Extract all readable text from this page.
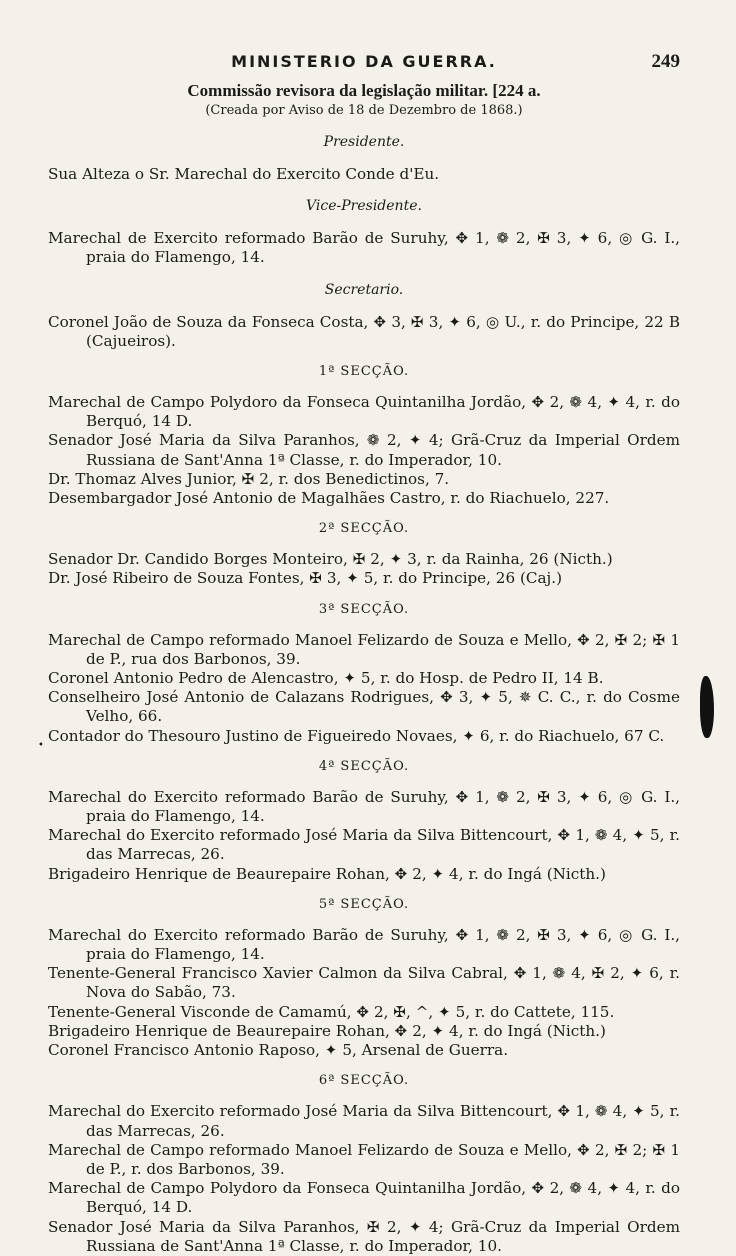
MINISTERIO DA GUERRA.	249
Commissão revisora da legislação militar. [224 a.
(Creada por Aviso de 18 de Dezembro de 1868.)

Presidente.

Sua Alteza o Sr. Marechal do Exercito Conde d'Eu.

Vice-Presidente.

Marechal de Exercito reformado Barão de Suruhy, ✥ 1, ❁ 2, ✠ 3, ✦ 6, ◎ G. I., praia do Flamengo, 14.

Secretario.

Coronel João de Souza da Fonseca Costa, ✥ 3, ✠ 3, ✦ 6, ◎ U., r. do Principe, 22 B (Cajueiros).

1ª SECÇÃO.

Marechal de Campo Polydoro da Fonseca Quintanilha Jordão, ✥ 2, ❁ 4, ✦ 4, r. do Berquó, 14 D.

Senador José Maria da Silva Paranhos, ❁ 2, ✦ 4; Grã-Cruz da Imperial Ordem Russiana de Sant'Anna 1ª Classe, r. do Imperador, 10.

Dr. Thomaz Alves Junior, ✠ 2, r. dos Benedictinos, 7.

Desembargador José Antonio de Magalhães Castro, r. do Riachuelo, 227.

2ª SECÇÃO.

Senador Dr. Candido Borges Monteiro, ✠ 2, ✦ 3, r. da Rainha, 26 (Nicth.)

Dr. José Ribeiro de Souza Fontes, ✠ 3, ✦ 5, r. do Principe, 26 (Caj.)

3ª SECÇÃO.

Marechal de Campo reformado Manoel Felizardo de Souza e Mello, ✥ 2, ✠ 2; ✠ 1 de P., rua dos Barbonos, 39.

Coronel Antonio Pedro de Alencastro, ✦ 5, r. do Hosp. de Pedro II, 14 B.

Conselheiro José Antonio de Calazans Rodrigues, ✥ 3, ✦ 5, ✵ C. C., r. do Cosme Velho, 66.

Contador do Thesouro Justino de Figueiredo Novaes, ✦ 6, r. do Riachuelo, 67 C.

4ª SECÇÃO.

Marechal do Exercito reformado Barão de Suruhy, ✥ 1, ❁ 2, ✠ 3, ✦ 6, ◎ G. I., praia do Flamengo, 14.

Marechal do Exercito reformado José Maria da Silva Bittencourt, ✥ 1, ❁ 4, ✦ 5, r. das Marrecas, 26.

Brigadeiro Henrique de Beaurepaire Rohan, ✥ 2, ✦ 4, r. do Ingá (Nicth.)

5ª SECÇÃO.

Marechal do Exercito reformado Barão de Suruhy, ✥ 1, ❁ 2, ✠ 3, ✦ 6, ◎ G. I., praia do Flamengo, 14.

Tenente-General Francisco Xavier Calmon da Silva Cabral, ✥ 1, ❁ 4, ✠ 2, ✦ 6, r. Nova do Sabão, 73.

Tenente-General Visconde de Camamú, ✥ 2, ✠, ^, ✦ 5, r. do Cattete, 115.

Brigadeiro Henrique de Beaurepaire Rohan, ✥ 2, ✦ 4, r. do Ingá (Nicth.)

Coronel Francisco Antonio Raposo, ✦ 5, Arsenal de Guerra.

6ª SECÇÃO.

Marechal do Exercito reformado José Maria da Silva Bittencourt, ✥ 1, ❁ 4, ✦ 5, r. das Marrecas, 26.

Marechal de Campo reformado Manoel Felizardo de Souza e Mello, ✥ 2, ✠ 2; ✠ 1 de P., r. dos Barbonos, 39.

Marechal de Campo Polydoro da Fonseca Quintanilha Jordão, ✥ 2, ❁ 4, ✦ 4, r. do Berquó, 14 D.

Senador José Maria da Silva Paranhos, ✠ 2, ✦ 4; Grã-Cruz da Imperial Ordem Russiana de Sant'Anna 1ª Classe, r. do Imperador, 10.

•
